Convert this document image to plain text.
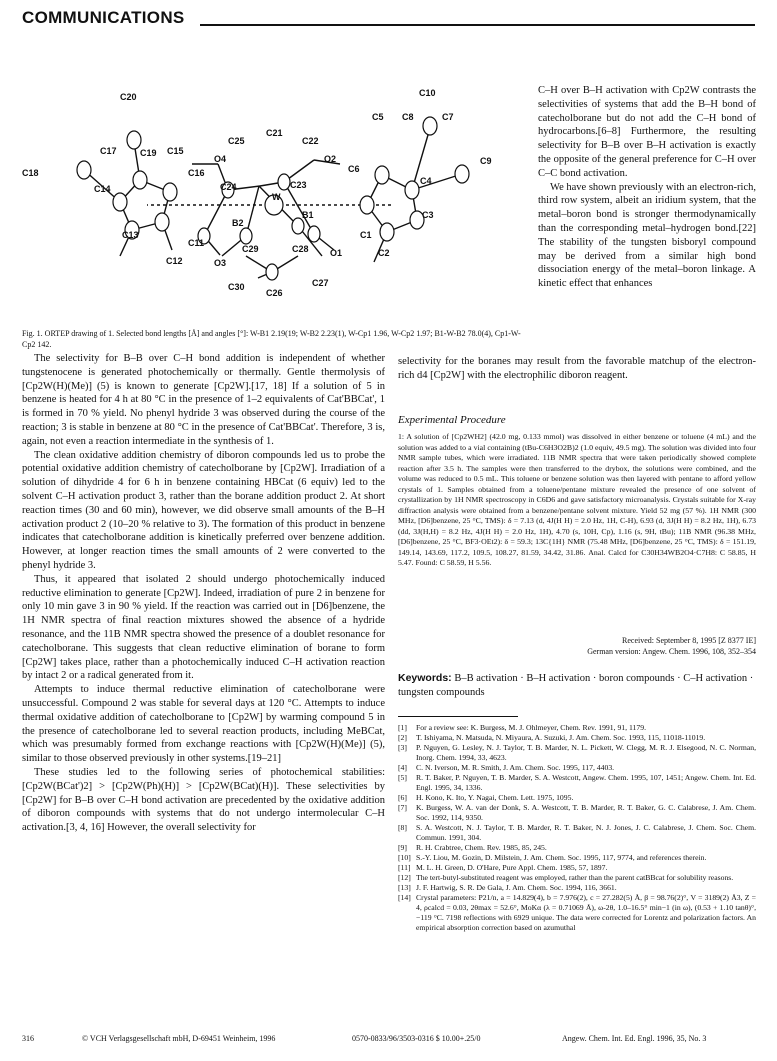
COMMUNICATIONS
C20	C10
C17	C19 C15
C25
C21
C22
C5 C8	C7
C18
O4	O2
C6
C9
C14
C16
C24	C23	C4
W
C3
B2
B1
C13
C11
C1
C12	O3
C29	C28 O1	C2
C30	C27
C26
Fig. 1. ORTEP drawing of 1. Selected bond lengths [Å] and angles [°]: W-B1 2.19(19; W-B2 2.23(1), W-Cp1 1.96, W-Cp2 1.97; B1-W-B2 78.0(4), Cp1-W-Cp2 142.

C–H over B–H activation with Cp2W contrasts the selectivities of systems that add the B–H bond of catecholborane but do not add the C–H bond of hydrocarbons.[6–8] Furthermore, the resulting selectivity for B–B over B–H activation is exactly the opposite of the general preference for C–H over C–C bond activation.

We have shown previously with an electron-rich, third row system, albeit an iridium system, that the metal–boron bond is stronger thermodynamically than the corresponding metal–hydrogen bond.[22] The stability of the tungsten bisboryl compound may be derived from a similar high bond dissociation energy of the metal–boron linkage. A kinetic effect that enhances

selectivity for the boranes may result from the favorable matchup of the electron-rich d4 [Cp2W] with the electrophilic diboron reagent.

The selectivity for B–B over C–H bond addition is independent of whether tungstenocene is generated photochemically or thermally. Gentle thermolysis of [Cp2W(H)(Me)] (5) is known to generate [Cp2W].[17, 18] If a solution of 5 in benzene is heated for 4 h at 80 °C in the presence of 1–2 equivalents of Cat'BBCat', 1 is formed in 70 % yield. No phenyl hydride 3 was observed during the course of the reaction; 3 is stable in benzene at 80 °C in the presence of Cat'BBCat'. Therefore, 3 is, again, not even a reaction intermediate in the synthesis of 1.

The clean oxidative addition chemistry of diboron compounds led us to probe the potential oxidative addition chemistry of catecholborane by [Cp2W]. Irradiation of a solution of dihydride 4 for 6 h in benzene containing HBCat (6 equiv) led to the solvent C–H activation product 3, rather than the borane addition product 2. At short reaction times (30 and 60 min), however, we did observe small amounts of the B–H activation product 2 (10–20 % relative to 3). The formation of this product in benzene indicates that catecholborane addition is kinetically preferred over benzene addition. However, at longer reaction times the small amounts of 2 were converted to the phenyl hydride 3.

Thus, it appeared that isolated 2 should undergo photochemically induced reductive elimination to generate [Cp2W]. Indeed, irradiation of pure 2 in benzene for only 10 min gave 3 in 90 % yield. If the reaction was carried out in [D6]benzene, the 1H NMR spectra of final reaction mixtures showed the absence of a hydride resonance, and the 11B NMR spectra showed the presence of a doublet resonance for catecholborane. This suggests that clean reductive elimination of borane to form [Cp2W] takes place, rather than a photochemically induced C–H activation reaction by intact 2 or a radical generated from it.

Attempts to induce thermal reductive elimination of catecholborane were unsuccessful. Compound 2 was stable for several days at 120 °C. Attempts to induce thermal oxidative addition of catecholborane to [Cp2W] by warming compound 5 in the presence of catecholborane led to several reaction products, including MeBCat, which was presumably formed from exchange reactions with [Cp2W(H)(Me)] (5), similar to those observed previously in other systems.[19–21]

These studies led to the following series of photochemical stabilities: [Cp2W(BCat')2] > [Cp2W(Ph)(H)] > [Cp2W(BCat)(H)]. These selectivities by [Cp2W] for B–B over C–H bond activation are precedented by the oxidative addition of diboron compounds with systems that do not undergo intermolecular C–H activation.[3, 4, 16] However, the overall selectivity for

Experimental Procedure
1: A solution of [Cp2WH2] (42.0 mg, 0.133 mmol) was dissolved in either benzene or toluene (4 mL) and the solution was added to a vial containing (tBu-C6H3O2B)2 (1.0 equiv, 49.5 mg). The solution was divided into four NMR sample tubes, which were irradiated. 11B NMR spectra that were taken periodically showed complete reaction after 3.5 h. The samples were then transferred to the drybox, the solutions were combined, and the volume was reduced to 0.5 mL. This toluene or benzene solution was then layered with pentane to afford yellow crystals of 1. Samples obtained from a toluene/pentane mixture revealed the presence of one solvent of crystallization by 1H NMR spectroscopy in C6D6 and gave satisfactory microanalysis. Crystals suitable for X-ray diffraction analysis were obtained from a benzene/pentane solvent mixture. Yield 52 mg (57 %). 1H NMR (300 MHz, [D6]benzene, 25 °C, TMS): δ = 7.13 (d, 4J(H H) = 2.0 Hz, 1H, C-H), 6.93 (d, 3J(H H) = 8.2 Hz, 1H), 6.73 (dd, 3J(H,H) = 8.2 Hz, 4J(H H) = 2.0 Hz, 1H), 4.70 (s, 10H, Cp), 1.16 (s, 9H, tBu); 11B NMR (96.38 MHz, [D6]benzene, 25 °C, BF3·OEt2): δ = 59.3; 13C{1H} NMR (75.48 MHz, [D6]benzene, 25 °C, TMS): δ = 151.19, 149.14, 143.69, 117.2, 109.5, 108.27, 81.59, 34.42, 31.86. Anal. Calcd for C30H34WB2O4·C7H8: C 58.85, H 5.47. Found: C 58.59, H 5.56.
Received: September 8, 1995 [Z 8377 IE]
German version: Angew. Chem. 1996, 108, 352–354
Keywords: B–B activation · B–H activation · boron compounds · C–H activation · tungsten compounds
[1] For a review see: K. Burgess, M. J. Ohlmeyer, Chem. Rev. 1991, 91, 1179.
[2] T. Ishiyama, N. Matsuda, N. Miyaura, A. Suzuki, J. Am. Chem. Soc. 1993, 115, 11018-11019.
[3] P. Nguyen, G. Lesley, N. J. Taylor, T. B. Marder, N. L. Pickett, W. Clegg, M. R. J. Elsegood, N. C. Norman, Inorg. Chem. 1994, 33, 4623.
[4] C. N. Iverson, M. R. Smith, J. Am. Chem. Soc. 1995, 117, 4403.
[5] R. T. Baker, P. Nguyen, T. B. Marder, S. A. Westcott, Angew. Chem. 1995, 107, 1451; Angew. Chem. Int. Ed. Engl. 1995, 34, 1336.
[6] H. Kono, K. Ito, Y. Nagai, Chem. Lett. 1975, 1095.
[7] K. Burgess, W. A. van der Donk, S. A. Westcott, T. B. Marder, R. T. Baker, G. C. Calabrese, J. Am. Chem. Soc. 1992, 114, 9350.
[8] S. A. Westcott, N. J. Taylor, T. B. Marder, R. T. Baker, N. J. Jones, J. C. Calabrese, J. Chem. Soc. Chem. Commun. 1991, 304.
[9] R. H. Crabtree, Chem. Rev. 1985, 85, 245.
[10] S.-Y. Liou, M. Gozin, D. Milstein, J. Am. Chem. Soc. 1995, 117, 9774, and references therein.
[11] M. L. H. Green, D. O'Hare, Pure Appl. Chem. 1985, 57, 1897.
[12] The tert-butyl-substituted reagent was employed, rather than the parent catBBcat for solubility reasons.
[13] J. F. Hartwig, S. R. De Gala, J. Am. Chem. Soc. 1994, 116, 3661.
[14] Crystal parameters: P21/n, a = 14.829(4), b = 7.976(2), c = 27.282(5) Å, β = 98.76(2)°, V = 3189(2) Å3, Z = 4, ρcalcd = 0.03, 2θmax = 52.6°, MoKα (λ = 0.71069 Å), ω-2θ, 1.0–16.5° min−1 (in ω), (0.53 + 1.10 tanθ)°, −119 °C. 7198 reflections with 6929 unique. The data were corrected for Lorentz and polarization factors. An empirical absorption correction based on azumuthal
316	© VCH Verlagsgesellschaft mbH, D-69451 Weinheim, 1996	0570-0833/96/3503-0316 $ 10.00+.25/0	Angew. Chem. Int. Ed. Engl. 1996, 35, No. 3
